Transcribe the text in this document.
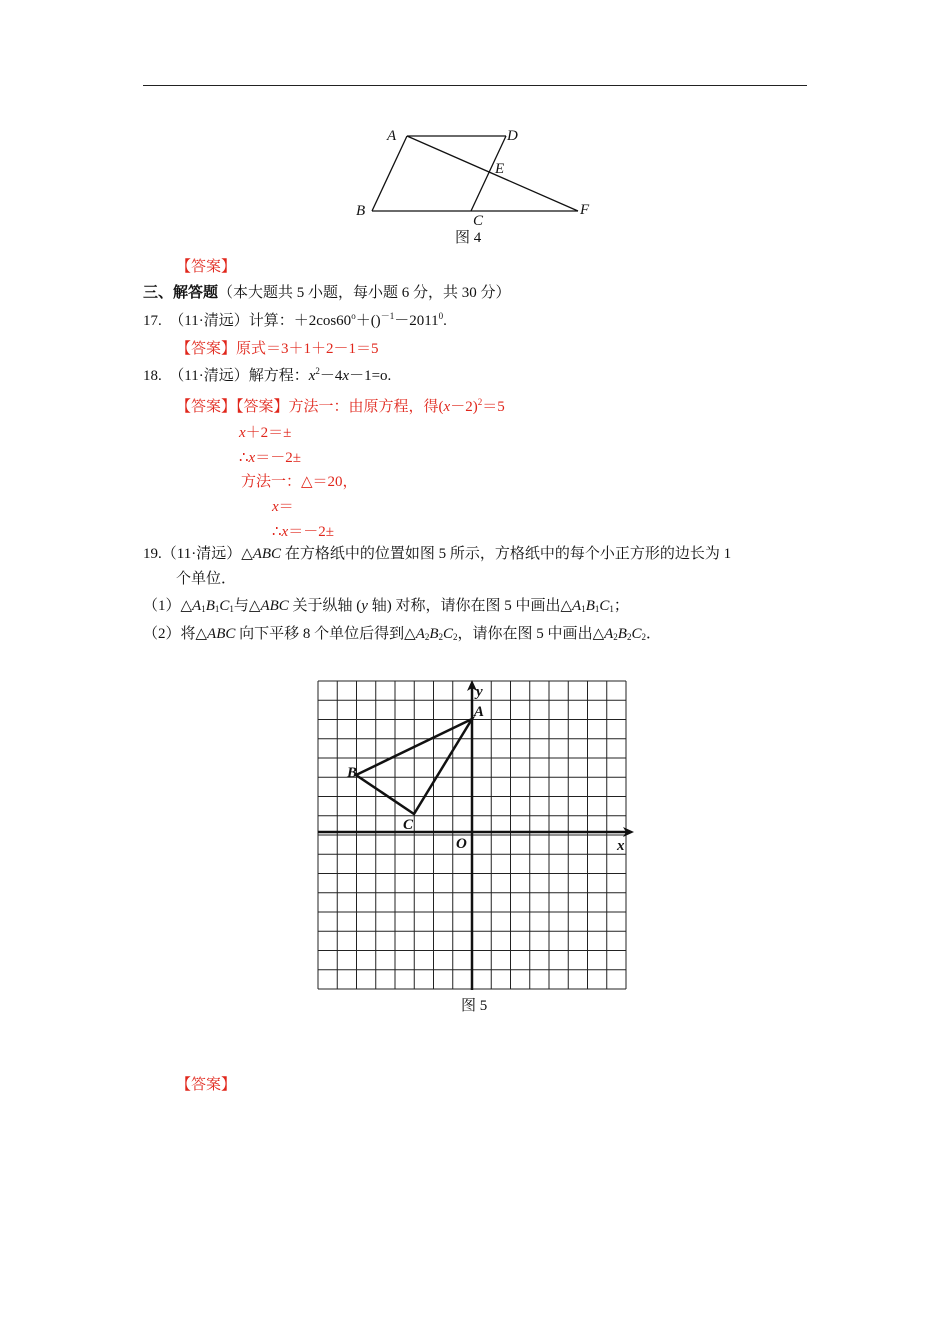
A	D
E
B
C
F
图 4
【答案】
三、解答题（本大题共 5 小题，每小题 6 分，共 30 分）
17. （11·清远）计算：$+2\cos 60^o+()^{-1}-2011^0$.
【答案】原式＝3＋1＋2－1＝5
18. （11·清远）解方程：$x^2-4x-1=o$.
【答案】【答案】方法一：由原方程，得$(x-2)^2=5$
x＋2＝±
∴x＝－2±
方法一：△＝20，
x＝
∴x＝－2±
19.（11·清远）△ABC 在方格纸中的位置如图 5 所示，方格纸中的每个小正方形的边长为 1
个单位．
$(1)\triangle A_1B_1C_1$与△ABC 关于纵轴 (y 轴) 对称，请你在图 5 中画出$\triangle A_1B_1C_1$；
（2）将△ABC 向下平移 8 个单位后得到$\triangle A_2B_2C_2$，请你在图 5 中画出$\triangle A_2B_2C_2$．
y
x
O
A
B
C
图 5
【答案】
